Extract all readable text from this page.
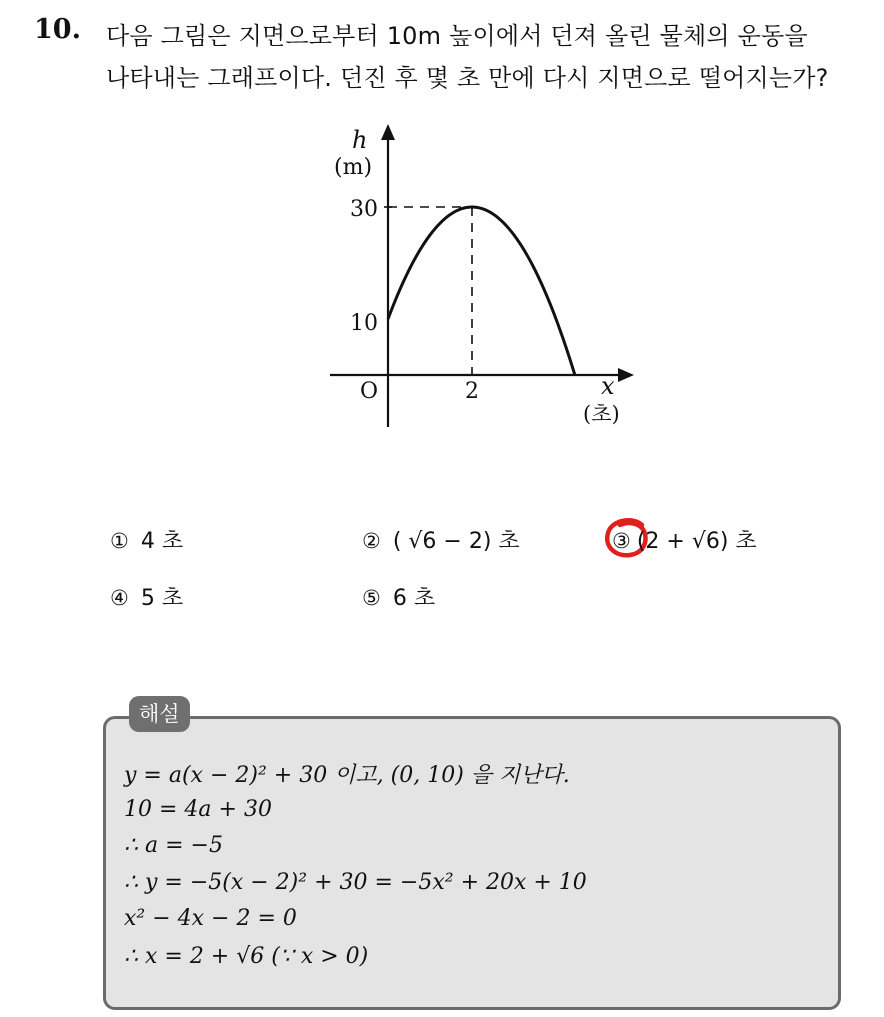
10. 다음 그림은 지면으로부터 10m 높이에서 던져 올린 물체의 운동을
나타내는 그래프이다. 던진 후 몇 초 만에 다시 지면으로 떨어지는가?
h
(m)
30
10
O	2	x
(초)
① 4 초	② ( √6 − 2) 초	③ (2 + √6) 초
④ 5 초	⑤ 6 초
해설
y = a(x − 2)² + 30 이고, (0, 10) 을 지난다.
10 = 4a + 30
∴ a = −5
∴ y = −5(x − 2)² + 30 = −5x² + 20x + 10
x² − 4x − 2 = 0
∴ x = 2 + √6 (∵ x > 0)
